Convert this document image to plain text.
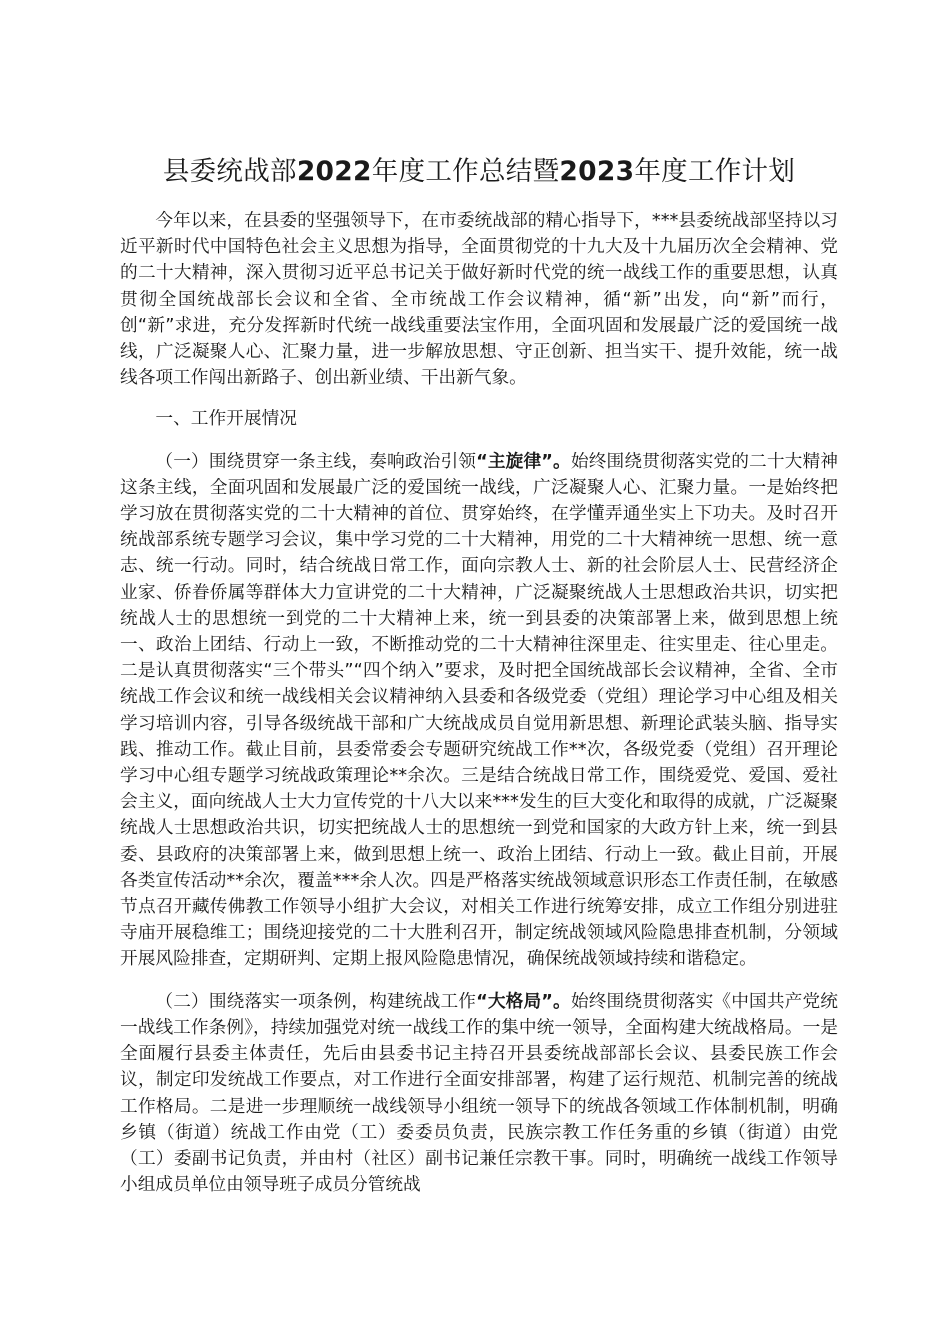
县委统战部2022年度工作总结暨2023年度工作计划

今年以来，在县委的坚强领导下，在市委统战部的精心指导下，***县委统战部坚持以习近平新时代中国特色社会主义思想为指导，全面贯彻党的十九大及十九届历次全会精神、党的二十大精神，深入贯彻习近平总书记关于做好新时代党的统一战线工作的重要思想，认真贯彻全国统战部长会议和全省、全市统战工作会议精神，循“新”出发，向“新”而行，创“新”求进，充分发挥新时代统一战线重要法宝作用，全面巩固和发展最广泛的爱国统一战线，广泛凝聚人心、汇聚力量，进一步解放思想、守正创新、担当实干、提升效能，统一战线各项工作闯出新路子、创出新业绩、干出新气象。

一、工作开展情况

（一）围绕贯穿一条主线，奏响政治引领“主旋律”。始终围绕贯彻落实党的二十大精神这条主线，全面巩固和发展最广泛的爱国统一战线，广泛凝聚人心、汇聚力量。一是始终把学习放在贯彻落实党的二十大精神的首位、贯穿始终，在学懂弄通坐实上下功夫。及时召开统战部系统专题学习会议，集中学习党的二十大精神，用党的二十大精神统一思想、统一意志、统一行动。同时，结合统战日常工作，面向宗教人士、新的社会阶层人士、民营经济企业家、侨眷侨属等群体大力宣讲党的二十大精神，广泛凝聚统战人士思想政治共识，切实把统战人士的思想统一到党的二十大精神上来，统一到县委的决策部署上来，做到思想上统一、政治上团结、行动上一致，不断推动党的二十大精神往深里走、往实里走、往心里走。二是认真贯彻落实“三个带头”“四个纳入”要求，及时把全国统战部长会议精神，全省、全市统战工作会议和统一战线相关会议精神纳入县委和各级党委（党组）理论学习中心组及相关学习培训内容，引导各级统战干部和广大统战成员自觉用新思想、新理论武装头脑、指导实践、推动工作。截止目前，县委常委会专题研究统战工作**次，各级党委（党组）召开理论学习中心组专题学习统战政策理论**余次。三是结合统战日常工作，围绕爱党、爱国、爱社会主义，面向统战人士大力宣传党的十八大以来***发生的巨大变化和取得的成就，广泛凝聚统战人士思想政治共识，切实把统战人士的思想统一到党和国家的大政方针上来，统一到县委、县政府的决策部署上来，做到思想上统一、政治上团结、行动上一致。截止目前，开展各类宣传活动**余次，覆盖***余人次。四是严格落实统战领域意识形态工作责任制，在敏感节点召开藏传佛教工作领导小组扩大会议，对相关工作进行统筹安排，成立工作组分别进驻寺庙开展稳维工；围绕迎接党的二十大胜利召开，制定统战领域风险隐患排查机制，分领域开展风险排查，定期研判、定期上报风险隐患情况，确保统战领域持续和谐稳定。

（二）围绕落实一项条例，构建统战工作“大格局”。始终围绕贯彻落实《中国共产党统一战线工作条例》，持续加强党对统一战线工作的集中统一领导，全面构建大统战格局。一是全面履行县委主体责任，先后由县委书记主持召开县委统战部部长会议、县委民族工作会议，制定印发统战工作要点，对工作进行全面安排部署，构建了运行规范、机制完善的统战工作格局。二是进一步理顺统一战线领导小组统一领导下的统战各领域工作体制机制，明确乡镇（街道）统战工作由党（工）委委员负责，民族宗教工作任务重的乡镇（街道）由党（工）委副书记负责，并由村（社区）副书记兼任宗教干事。同时，明确统一战线工作领导小组成员单位由领导班子成员分管统战
